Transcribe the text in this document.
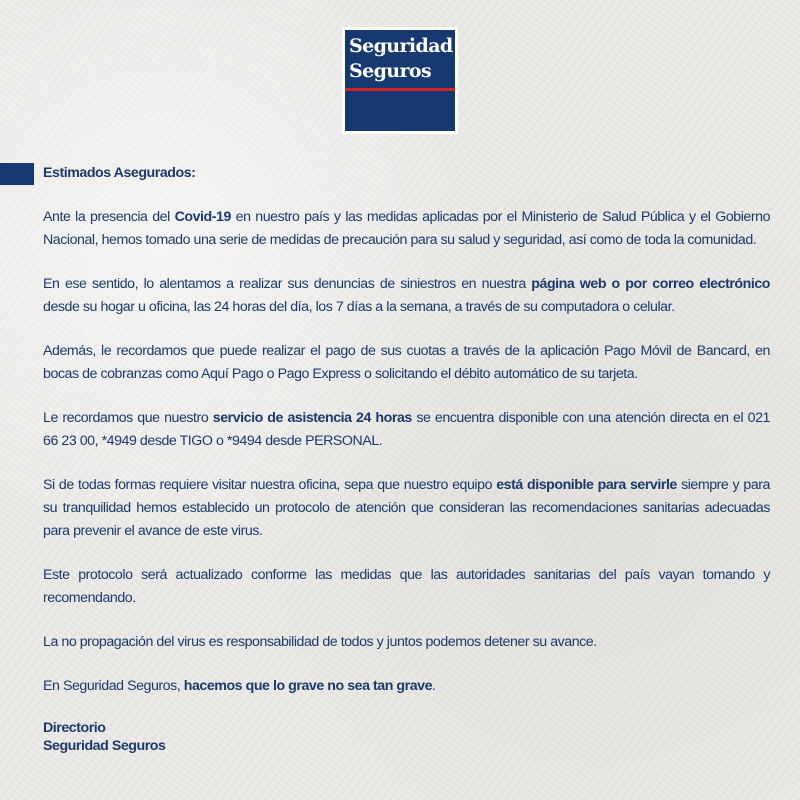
Seguridad
Seguros

Estimados Asegurados:

Ante la presencia del Covid-19 en nuestro país y las medidas aplicadas por el Ministerio de Salud Pública y el Gobierno Nacional, hemos tomado una serie de medidas de precaución para su salud y seguridad, así como de toda la comunidad.

En ese sentido, lo alentamos a realizar sus denuncias de siniestros en nuestra página web o por correo electrónico desde su hogar u oficina, las 24 horas del día, los 7 días a la semana, a través de su computadora o celular.

Además, le recordamos que puede realizar el pago de sus cuotas a través de la aplicación Pago Móvil de Bancard, en bocas de cobranzas como Aquí Pago o Pago Express o solicitando el débito automático de su tarjeta.

Le recordamos que nuestro servicio de asistencia 24 horas se encuentra disponible con una atención directa en el 021 66 23 00, *4949 desde TIGO o *9494 desde PERSONAL.

Si de todas formas requiere visitar nuestra oficina, sepa que nuestro equipo está disponible para servirle siempre y para su tranquilidad hemos establecido un protocolo de atención que consideran las recomendaciones sanitarias adecuadas para prevenir el avance de este virus.

Este protocolo será actualizado conforme las medidas que las autoridades sanitarias del país vayan tomando y recomendando.

La no propagación del virus es responsabilidad de todos y juntos podemos detener su avance.

En Seguridad Seguros, hacemos que lo grave no sea tan grave.

Directorio
Seguridad Seguros
